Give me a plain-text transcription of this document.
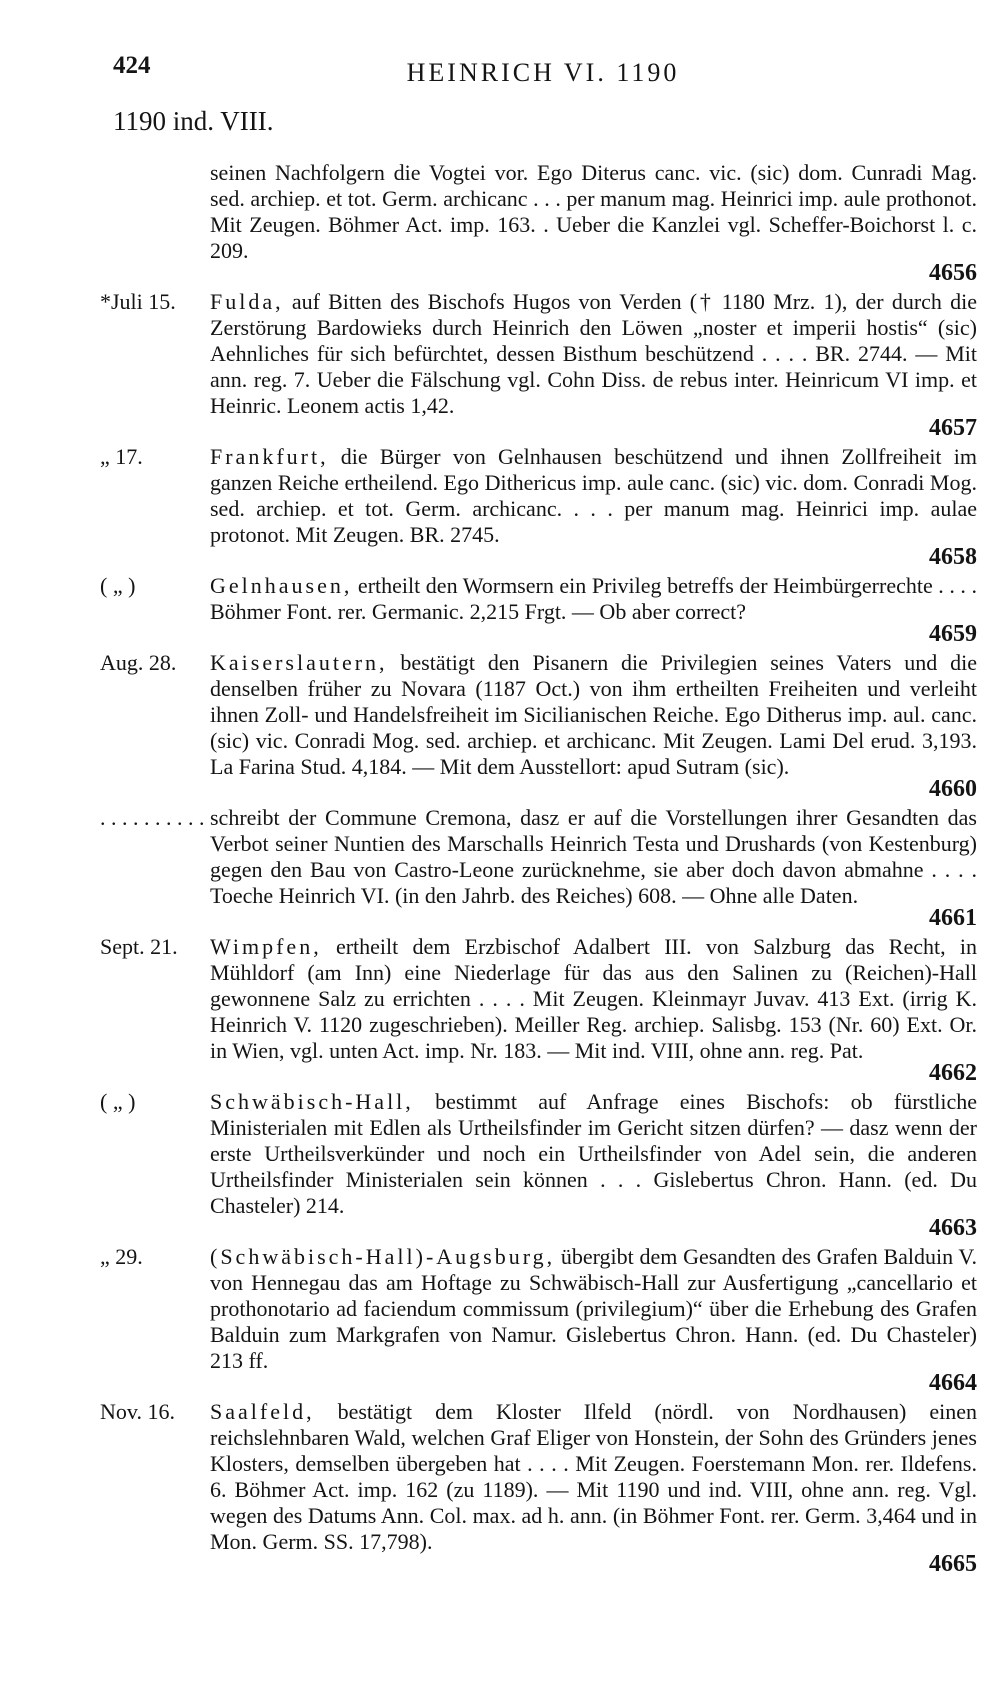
424	HEINRICH VI. 1190
1190 ind. VIII.
seinen Nachfolgern die Vogtei vor. Ego Diterus canc. vic. (sic) dom. Cunradi Mag. sed. archiep. et tot. Germ. archicanc . . . per manum mag. Heinrici imp. aule prothonot. Mit Zeugen. Böhmer Act. imp. 163. . Ueber die Kanzlei vgl. Scheffer-Boichorst l. c. 209.
4656
*Juli 15.	Fulda, auf Bitten des Bischofs Hugos von Verden († 1180 Mrz. 1), der durch die Zerstörung Bardowieks durch Heinrich den Löwen „noster et imperii hostis“ (sic) Aehnliches für sich befürchtet, dessen Bisthum beschützend . . . . BR. 2744. — Mit ann. reg. 7. Ueber die Fälschung vgl. Cohn Diss. de rebus inter. Heinricum VI imp. et Heinric. Leonem actis 1,42.
4657
„ 17.	Frankfurt, die Bürger von Gelnhausen beschützend und ihnen Zollfreiheit im ganzen Reiche ertheilend. Ego Dithericus imp. aule canc. (sic) vic. dom. Conradi Mog. sed. archiep. et tot. Germ. archicanc. . . . per manum mag. Heinrici imp. aulae protonot. Mit Zeugen. BR. 2745.
4658
( „ )	Gelnhausen, ertheilt den Wormsern ein Privileg betreffs der Heimbürgerrechte . . . . Böhmer Font. rer. Germanic. 2,215 Frgt. — Ob aber correct?
4659
Aug. 28.	Kaiserslautern, bestätigt den Pisanern die Privilegien seines Vaters und die denselben früher zu Novara (1187 Oct.) von ihm ertheilten Freiheiten und verleiht ihnen Zoll- und Handelsfreiheit im Sicilianischen Reiche. Ego Ditherus imp. aul. canc. (sic) vic. Conradi Mog. sed. archiep. et archicanc. Mit Zeugen. Lami Del erud. 3,193. La Farina Stud. 4,184. — Mit dem Ausstellort: apud Sutram (sic).
4660
. . . . . . . . . . schreibt der Commune Cremona, dasz er auf die Vorstellungen ihrer Gesandten das Verbot seiner Nuntien des Marschalls Heinrich Testa und Drushards (von Kestenburg) gegen den Bau von Castro-Leone zurücknehme, sie aber doch davon abmahne . . . . Toeche Heinrich VI. (in den Jahrb. des Reiches) 608. — Ohne alle Daten.
4661
Sept. 21.	Wimpfen, ertheilt dem Erzbischof Adalbert III. von Salzburg das Recht, in Mühldorf (am Inn) eine Niederlage für das aus den Salinen zu (Reichen)-Hall gewonnene Salz zu errichten . . . . Mit Zeugen. Kleinmayr Juvav. 413 Ext. (irrig K. Heinrich V. 1120 zugeschrieben). Meiller Reg. archiep. Salisbg. 153 (Nr. 60) Ext. Or. in Wien, vgl. unten Act. imp. Nr. 183. — Mit ind. VIII, ohne ann. reg. Pat.
4662
( „ )	Schwäbisch-Hall, bestimmt auf Anfrage eines Bischofs: ob fürstliche Ministerialen mit Edlen als Urtheilsfinder im Gericht sitzen dürfen? — dasz wenn der erste Urtheilsverkünder und noch ein Urtheilsfinder von Adel sein, die anderen Urtheilsfinder Ministerialen sein können . . . Gislebertus Chron. Hann. (ed. Du Chasteler) 214.
4663
„ 29.	(Schwäbisch-Hall)-Augsburg, übergibt dem Gesandten des Grafen Balduin V. von Hennegau das am Hoftage zu Schwäbisch-Hall zur Ausfertigung „cancellario et prothonotario ad faciendum commissum (privilegium)“ über die Erhebung des Grafen Balduin zum Markgrafen von Namur. Gislebertus Chron. Hann. (ed. Du Chasteler) 213 ff.
4664
Nov. 16.	Saalfeld, bestätigt dem Kloster Ilfeld (nördl. von Nordhausen) einen reichslehnbaren Wald, welchen Graf Eliger von Honstein, der Sohn des Gründers jenes Klosters, demselben übergeben hat . . . . Mit Zeugen. Foerstemann Mon. rer. Ildefens. 6. Böhmer Act. imp. 162 (zu 1189). — Mit 1190 und ind. VIII, ohne ann. reg. Vgl. wegen des Datums Ann. Col. max. ad h. ann. (in Böhmer Font. rer. Germ. 3,464 und in Mon. Germ. SS. 17,798).
4665
